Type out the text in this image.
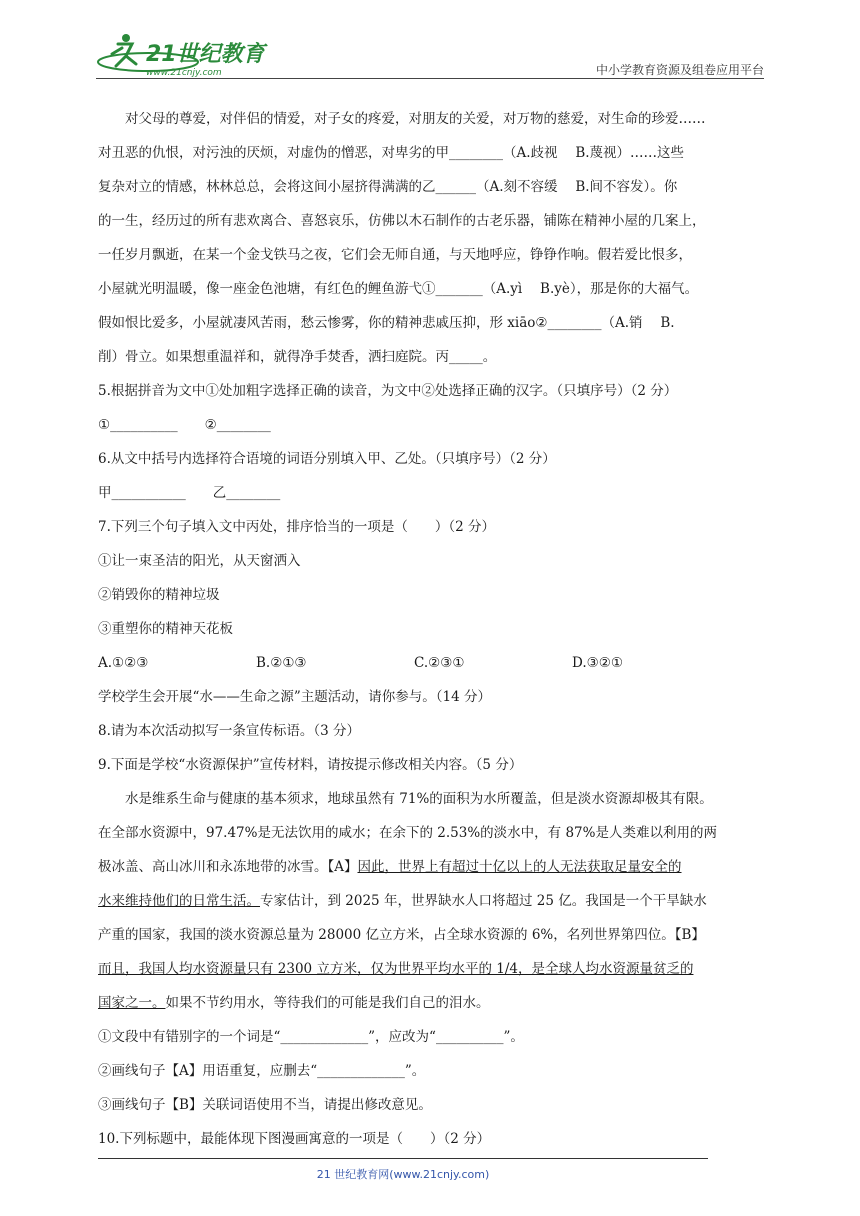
21世纪教育
www.21cnjy.com	中小学教育资源及组卷应用平台

对父母的尊爱，对伴侣的情爱，对子女的疼爱，对朋友的关爱，对万物的慈爱，对生命的珍爱……

对丑恶的仇恨，对污浊的厌烦，对虚伪的憎恶，对卑劣的甲________（A.歧视　 B.蔑视）……这些

复杂对立的情感，林林总总，会将这间小屋挤得满满的乙______（A.刻不容缓　 B.间不容发）。你

的一生，经历过的所有悲欢离合、喜怒哀乐，仿佛以木石制作的古老乐器，铺陈在精神小屋的几案上，

一任岁月飘逝，在某一个金戈铁马之夜，它们会无师自通，与天地呼应，铮铮作响。假若爱比恨多，

小屋就光明温暖，像一座金色池塘，有红色的鲤鱼游弋①_______（A.yì　 B.yè），那是你的大福气。

假如恨比爱多，小屋就凄风苦雨，愁云惨雾，你的精神悲戚压抑，形 xiāo②________（A.销　 B.

削）骨立。如果想重温祥和，就得净手焚香，洒扫庭院。丙_____。

5.根据拼音为文中①处加粗字选择正确的读音，为文中②处选择正确的汉字。（只填序号）（2 分）

①__________　　②________

6.从文中括号内选择符合语境的词语分别填入甲、乙处。（只填序号）（2 分）

甲___________　　乙________

7.下列三个句子填入文中丙处，排序恰当的一项是（　　）（2 分）

①让一束圣洁的阳光，从天窗洒入

②销毁你的精神垃圾

③重塑你的精神天花板

A.①②③	B.②①③	C.②③①	D.③②①

学校学生会开展“水——生命之源”主题活动，请你参与。（14 分）

8.请为本次活动拟写一条宣传标语。（3 分）

9.下面是学校“水资源保护”宣传材料，请按提示修改相关内容。（5 分）

水是维系生命与健康的基本须求，地球虽然有 71%的面积为水所覆盖，但是淡水资源却极其有限。

在全部水资源中，97.47%是无法饮用的咸水；在余下的 2.53%的淡水中，有 87%是人类难以利用的两

极冰盖、高山冰川和永冻地带的冰雪。【A】因此，世界上有超过十亿以上的人无法获取足量安全的

水来维持他们的日常生活。专家估计，到 2025 年，世界缺水人口将超过 25 亿。我国是一个干旱缺水

产重的国家，我国的淡水资源总量为 28000 亿立方米，占全球水资源的 6%，名列世界第四位。【B】

而且，我国人均水资源量只有 2300 立方米，仅为世界平均水平的 1/4，是全球人均水资源量贫乏的

国家之一。如果不节约用水，等待我们的可能是我们自己的泪水。

①文段中有错别字的一个词是“_____________”，应改为“__________”。

②画线句子【A】用语重复，应删去“_____________”。

③画线句子【B】关联词语使用不当，请提出修改意见。

10.下列标题中，最能体现下图漫画寓意的一项是（　　）（2 分）

21 世纪教育网(www.21cnjy.com)
